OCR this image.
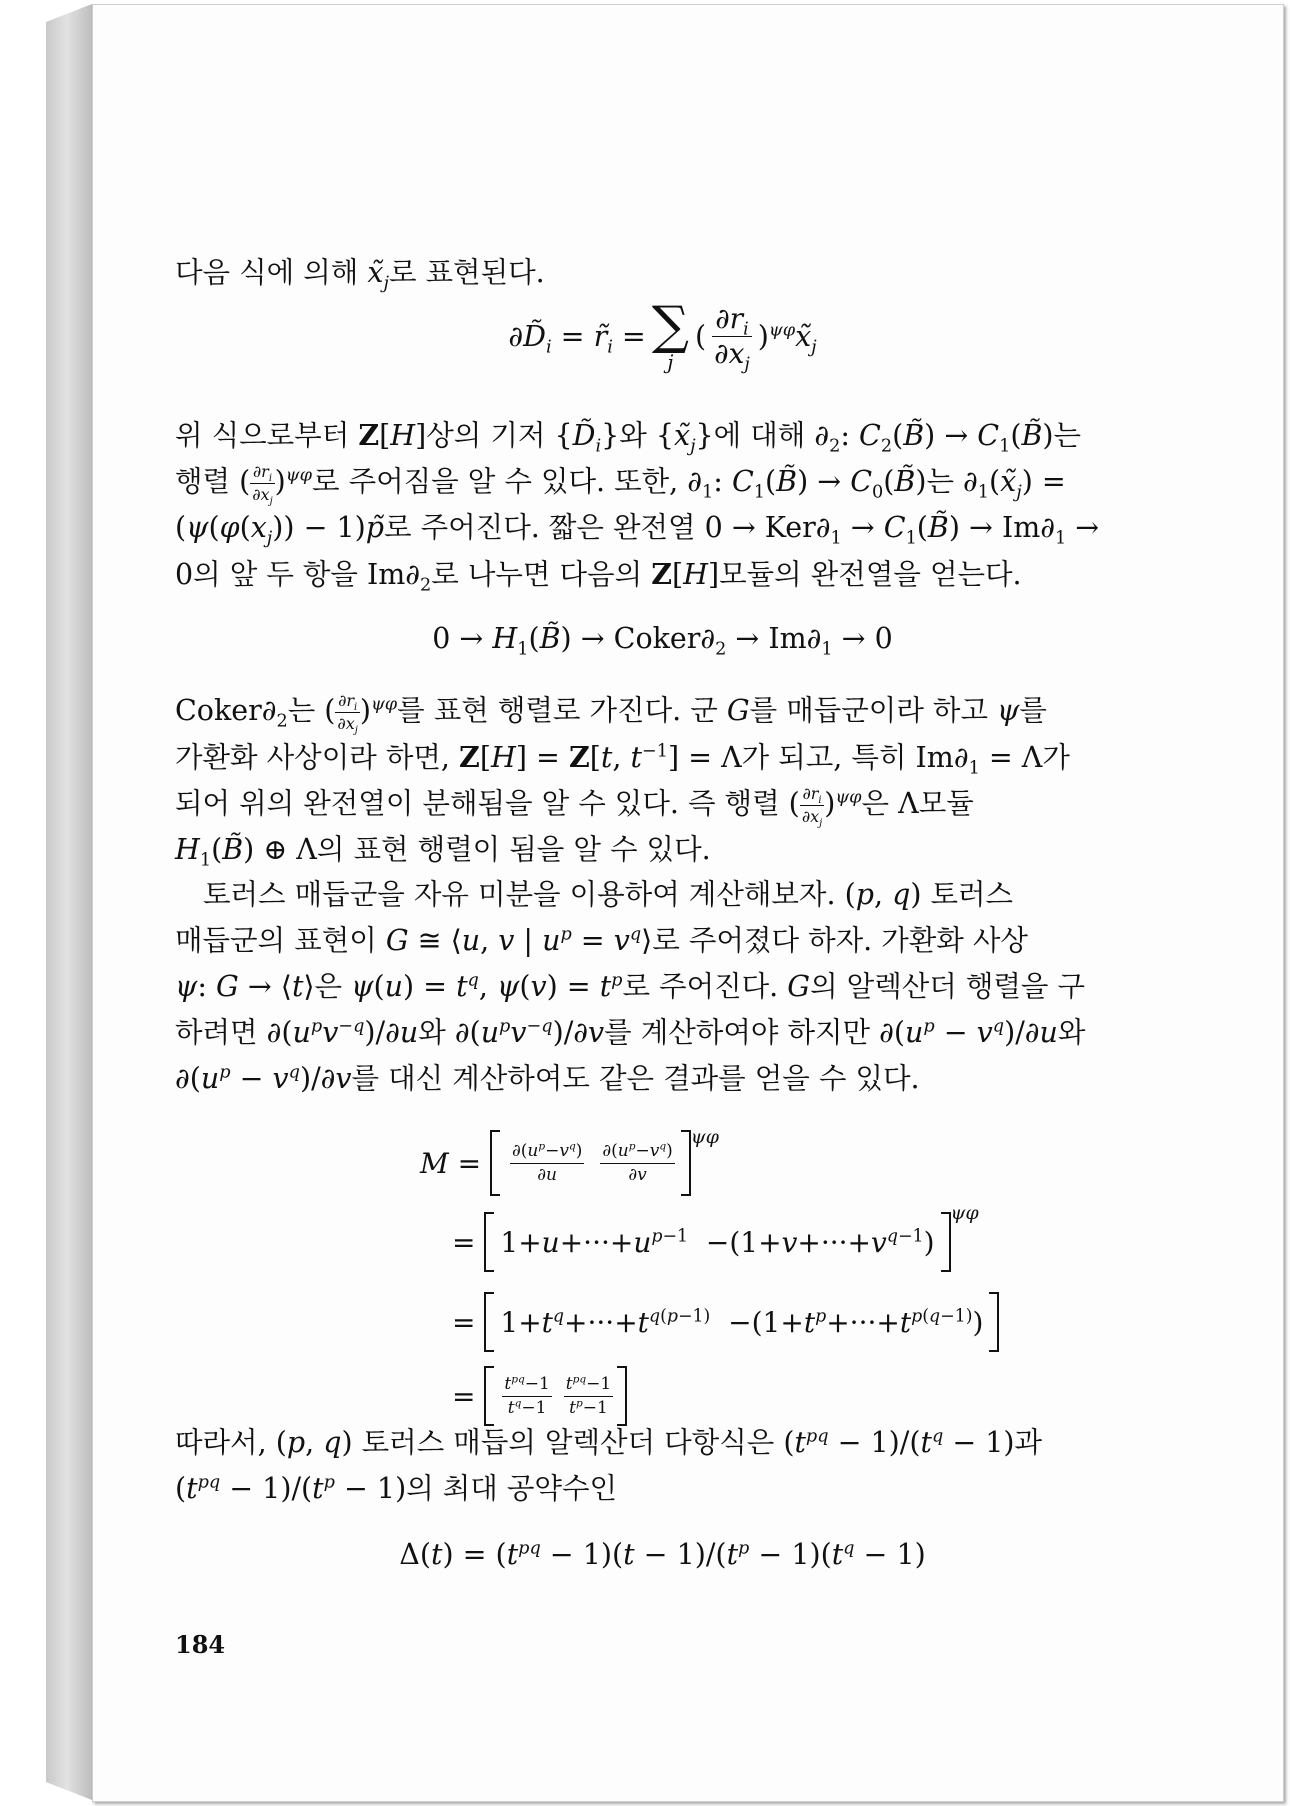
다음 식에 의해 $x̃_j$로 표현된다.
$\partial D̃_i$ = $r̃_i$ = ∑
j
( $\frac{\partial r_i}{\partial x_j}$ )$^{\psi\varphi}x̃_j$
위 식으로부터 Z[H]상의 기저 $\{D̃_i\}$와 $\{x̃_j\}$에 대해 $\partial_2$: $C_2(B̃)$ → $C_1(B̃)$는
행렬 ( $\frac{\partial r_i}{\partial x_j} )^{\psi\varphi}$로 주어짐을 알 수 있다. 또한, $\partial_1$: $C_1(B̃)$ → $C_0(B̃)$는 $\partial_1(x̃_j)$ =
($\psi(\varphi(x_j))$ − 1)p̃로 주어진다. 짧은 완전열 $0 \to Ker\partial_1$ → $C_1(B̃) \to Im\partial_1$ →
0의 앞 두 항을 $Im\partial_2$로 나누면 다음의 Z[H]모듈의 완전열을 얻는다.
$0 \to H_1(B̃)$ → $Coker\partial_2 \to Im\partial_1 \to 0$
$Coker\partial_2$는 ( $\frac{\partial r_i}{\partial x_j} )^{\psi\varphi}$를 표현 행렬로 가진다. 군 G를 매듭군이라 하고 ψ를
가환화 사상이라 하면, Z[H] = Z[t, $t^{-1}] = \Lambda$가 되고, 특히 $Im\partial_1 = \Lambda$가
되어 위의 완전열이 분해됨을 알 수 있다. 즉 행렬 ( $\frac{\partial r_i}{\partial x_j} )^{\psi\varphi}$은 Λ모듈
$H_1(B̃)$ ⊕ Λ의 표현 행렬이 됨을 알 수 있다.
토러스 매듭군을 자유 미분을 이용하여 계산해보자. (p, q) 토러스
매듭군의 표현이 G ≅ ⟨u, v | $u^p$ = $v^q⟩$로 주어졌다 하자. 가환화 사상
ψ: G → ⟨t⟩은 $\psi(u) = t^q$, $\psi(v) = t^p$로 주어진다. G의 알렉산더 행렬을 구
하려면 $\partial(u^pv^{-q})/\partial u$와 $\partial(u^pv^{-q})/\partial v$를 계산하여야 하지만 $\partial(u^p - v^q)/\partial u$와
$\partial(u^p - v^q)/\partial v$를 대신 계산하여도 같은 결과를 얻을 수 있다.
$M = \frac{\partial(u^p-v^q)}{\partial u} \frac{\partial(u^p-v^q)}{\partial v}$
ψφ
= $1+u+\cdot\cdot\cdot+u^{p-1} -(1+v+\cdot\cdot\cdot+v^{q-1})$
ψφ
= $1+t^q+\cdot\cdot\cdot+t^{q(p-1)} -(1+t^p+\cdot\cdot\cdot+t^{p(q-1)})$
= $\frac{t^{pq}-1}{t^q-1} \frac{t^{pq}-1}{t^p-1}$
따라서, (p, q) 토러스 매듭의 알렉산더 다항식은 $(t^{pq} - 1)/(t^q - 1)$과
$(t^{pq} - 1)/(t^p - 1)$의 최대 공약수인
$\Delta(t) = (t^{pq} - 1)(t - 1)/(t^p - 1)(t^q - 1)$
184
